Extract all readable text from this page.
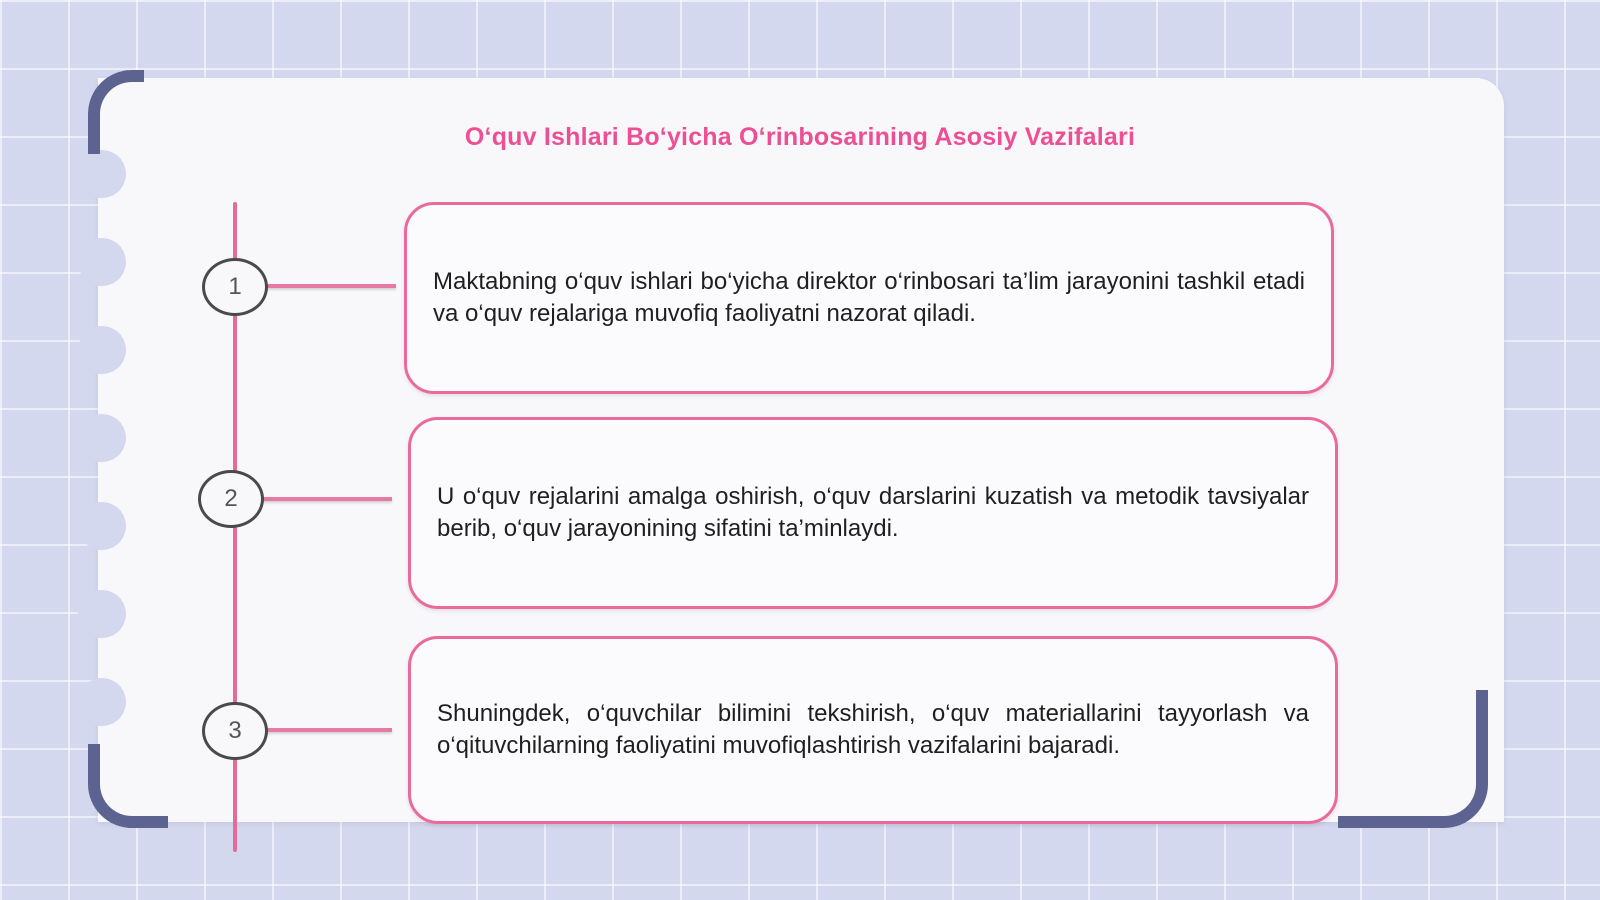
O‘quv Ishlari Bo‘yicha O‘rinbosarining Asosiy Vazifalari
1	Maktabning o‘quv ishlari bo‘yicha direktor o‘rinbosari ta’lim jarayonini tashkil etadi va o‘quv rejalariga muvofiq faoliyatni nazorat qiladi.
2	U o‘quv rejalarini amalga oshirish, o‘quv darslarini kuzatish va metodik tavsiyalar berib, o‘quv jarayonining sifatini ta’minlaydi.
3
Shuningdek, o‘quvchilar bilimini tekshirish, o‘quv materiallarini tayyorlash va o‘qituvchilarning faoliyatini muvofiqlashtirish vazifalarini bajaradi.
